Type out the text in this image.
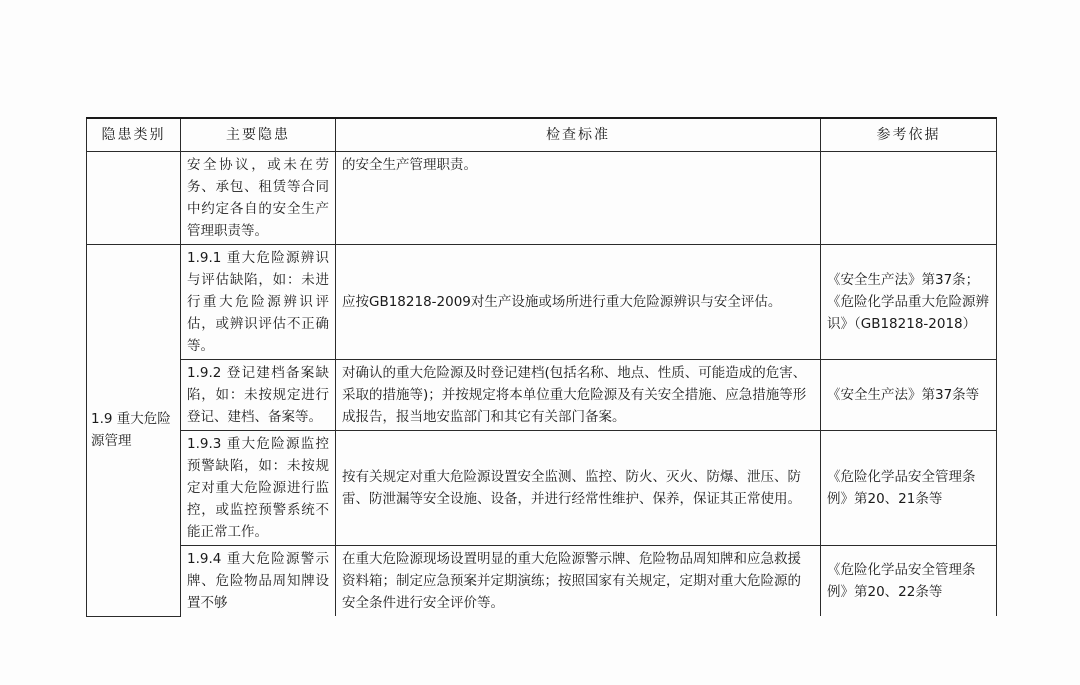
隐患类别	主要隐患	检查标准	参考依据
	安全协议，或未在劳务、承包、租赁等合同中约定各自的安全生产管理职责等。	的安全生产管理职责。	
1.9 重大危险源管理	1.9.1 重大危险源辨识与评估缺陷，如：未进行重大危险源辨识评估，或辨识评估不正确等。	应按GB18218-2009对生产设施或场所进行重大危险源辨识与安全评估。	《安全生产法》第37条；《危险化学品重大危险源辨识》（GB18218-2018）
	1.9.2 登记建档备案缺陷，如：未按规定进行登记、建档、备案等。	对确认的重大危险源及时登记建档(包括名称、地点、性质、可能造成的危害、采取的措施等)；并按规定将本单位重大危险源及有关安全措施、应急措施等形成报告，报当地安监部门和其它有关部门备案。	《安全生产法》第37条等
	1.9.3 重大危险源监控预警缺陷，如：未按规定对重大危险源进行监控，或监控预警系统不能正常工作。	按有关规定对重大危险源设置安全监测、监控、防火、灭火、防爆、泄压、防雷、防泄漏等安全设施、设备，并进行经常性维护、保养，保证其正常使用。	《危险化学品安全管理条例》第20、21条等
	1.9.4 重大危险源警示牌、危险物品周知牌设置不够	在重大危险源现场设置明显的重大危险源警示牌、危险物品周知牌和应急救援资料箱；制定应急预案并定期演练；按照国家有关规定，定期对重大危险源的安全条件进行安全评价等。	《危险化学品安全管理条例》第20、22条等
